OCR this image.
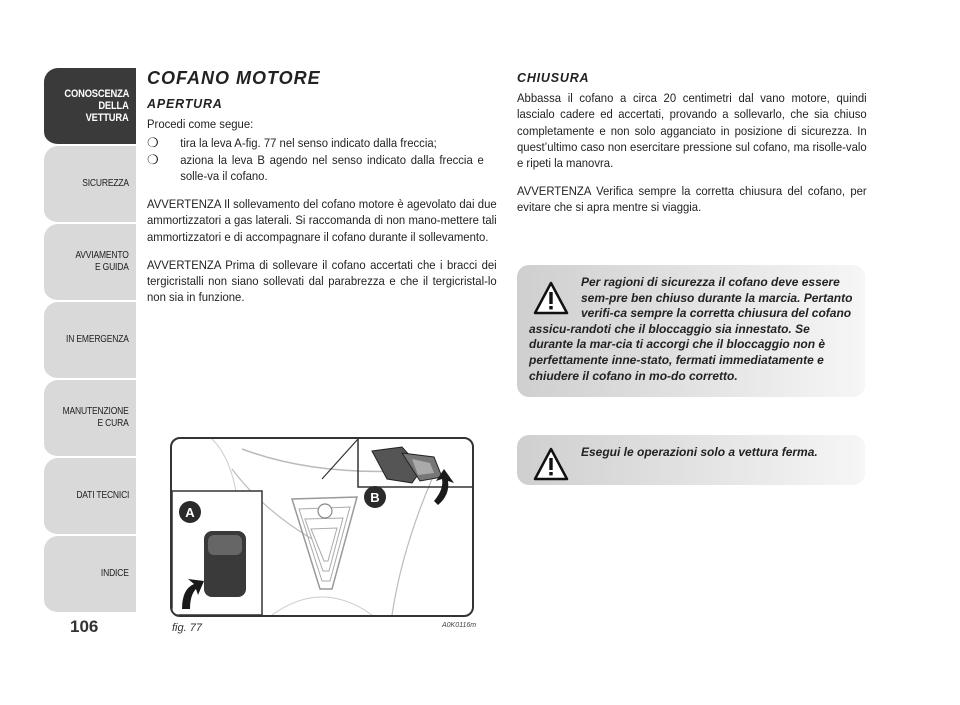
CONOSCENZA
DELLA
VETTURA
SICUREZZA
AVVIAMENTO
E GUIDA
IN EMERGENZA
MANUTENZIONE
E CURA
DATI TECNICI
INDICE
106
COFANO MOTORE
APERTURA

Procedi come segue:

❍	tira la leva A-fig. 77 nel senso indicato dalla freccia;
❍	aziona la leva B agendo nel senso indicato dalla freccia e solle-va il cofano.

AVVERTENZA Il sollevamento del cofano motore è agevolato dai due ammortizzatori a gas laterali. Si raccomanda di non mano-mettere tali ammortizzatori e di accompagnare il cofano durante il sollevamento.

AVVERTENZA Prima di sollevare il cofano accertati che i bracci dei tergicristalli non siano sollevati dal parabrezza e che il tergicristal-lo non sia in funzione.

A
B
fig. 77	A0K0116m
CHIUSURA

Abbassa il cofano a circa 20 centimetri dal vano motore, quindi lascialo cadere ed accertati, provando a sollevarlo, che sia chiuso completamente e non solo agganciato in posizione di sicurezza. In quest’ultimo caso non esercitare pressione sul cofano, ma risolle-valo e ripeti la manovra.

AVVERTENZA Verifica sempre la corretta chiusura del cofano, per evitare che si apra mentre si viaggia.

Per ragioni di sicurezza il cofano deve essere sem-pre ben chiuso durante la marcia. Pertanto verifi-ca sempre la corretta chiusura del cofano assicu-randoti che il bloccaggio sia innestato. Se durante la mar-cia ti accorgi che il bloccaggio non è perfettamente inne-stato, fermati immediatamente e chiudere il cofano in mo-do corretto.
Esegui le operazioni solo a vettura ferma.
